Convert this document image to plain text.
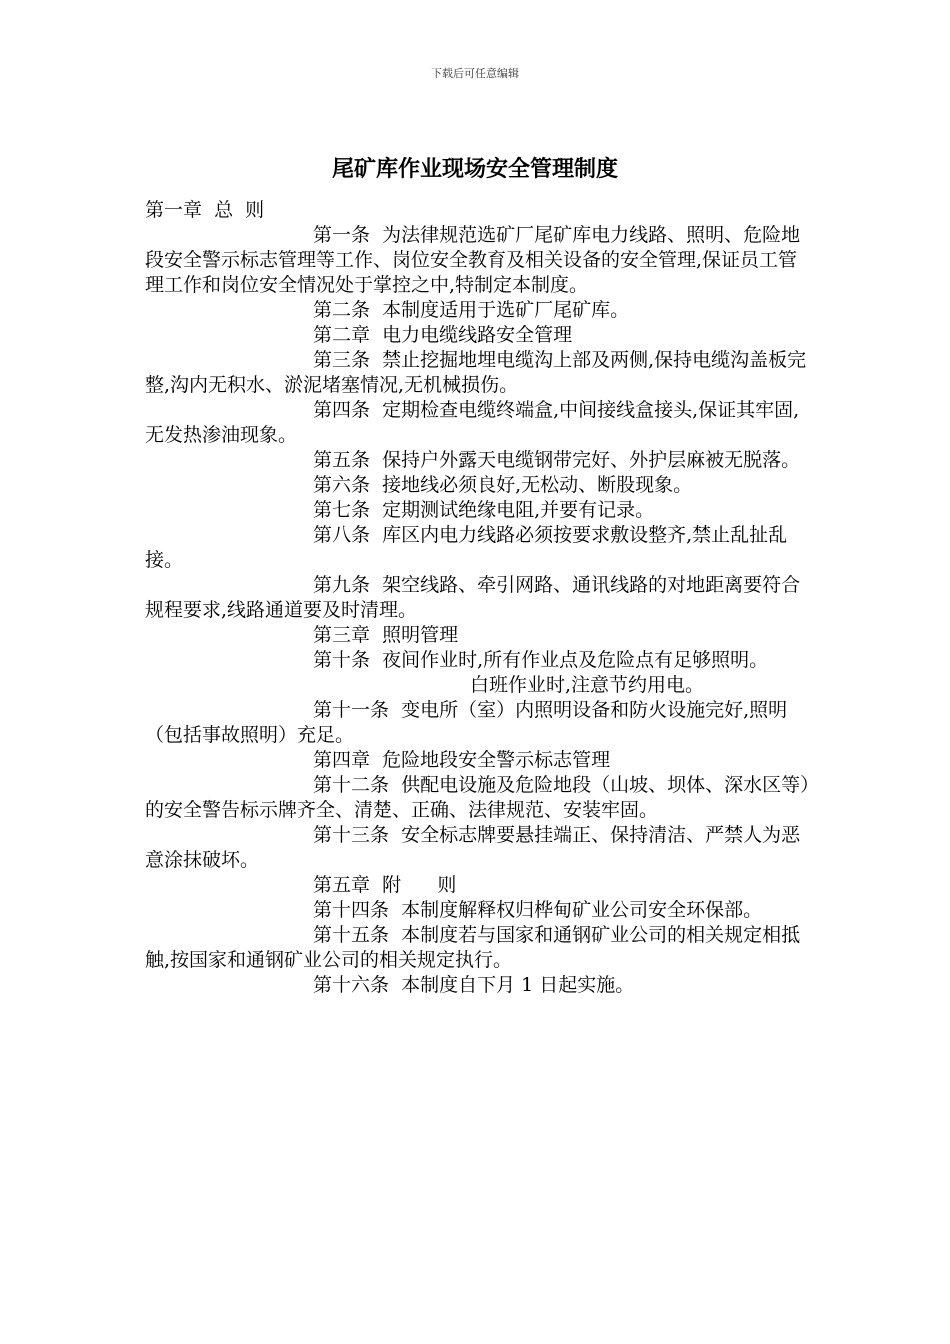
下载后可任意编辑
尾矿库作业现场安全管理制度

第一章  总  则

第一条  为法律规范选矿厂尾矿库电力线路、照明、危险地段安全警示标志管理等工作、岗位安全教育及相关设备的安全管理,保证员工管理工作和岗位安全情况处于掌控之中,特制定本制度。

第二条  本制度适用于选矿厂尾矿库。

第二章  电力电缆线路安全管理

第三条  禁止挖掘地埋电缆沟上部及两侧,保持电缆沟盖板完整,沟内无积水、淤泥堵塞情况,无机械损伤。

第四条  定期检查电缆终端盒,中间接线盒接头,保证其牢固,无发热渗油现象。

第五条  保持户外露天电缆钢带完好、外护层麻被无脱落。

第六条  接地线必须良好,无松动、断股现象。

第七条  定期测试绝缘电阻,并要有记录。

第八条  库区内电力线路必须按要求敷设整齐,禁止乱扯乱接。

第九条  架空线路、牵引网路、通讯线路的对地距离要符合规程要求,线路通道要及时清理。

第三章  照明管理

第十条  夜间作业时,所有作业点及危险点有足够照明。

白班作业时,注意节约用电。

第十一条  变电所（室）内照明设备和防火设施完好,照明（包括事故照明）充足。

第四章  危险地段安全警示标志管理

第十二条  供配电设施及危险地段（山坡、坝体、深水区等）的安全警告标示牌齐全、清楚、正确、法律规范、安装牢固。

第十三条  安全标志牌要悬挂端正、保持清洁、严禁人为恶意涂抹破坏。

第五章  附      则

第十四条  本制度解释权归桦甸矿业公司安全环保部。

第十五条  本制度若与国家和通钢矿业公司的相关规定相抵触,按国家和通钢矿业公司的相关规定执行。

第十六条  本制度自下月 1 日起实施。
